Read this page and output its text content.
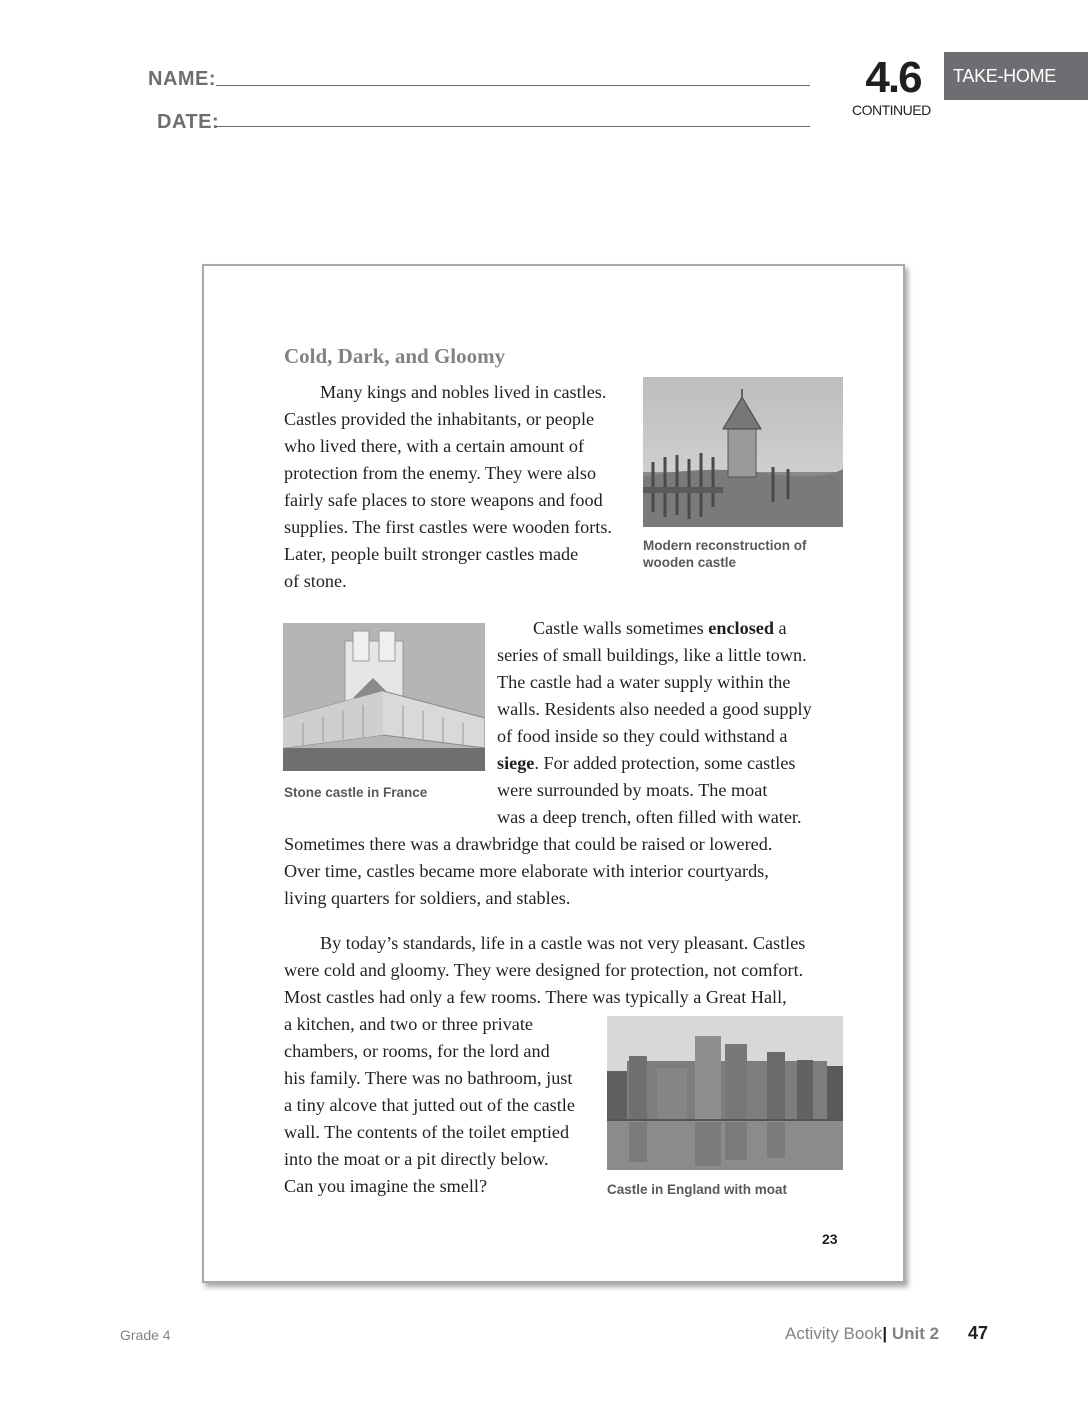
NAME:
DATE:
4.6
CONTINUED
TAKE-HOME
Cold, Dark, and Gloomy
Many kings and nobles lived in castles.
Castles provided the inhabitants, or people
who lived there, with a certain amount of
protection from the enemy. They were also
fairly safe places to store weapons and food
supplies. The first castles were wooden forts.
Later, people built stronger castles made
of stone.
Modern reconstruction of
wooden castle
Stone castle in France
Castle walls sometimes enclosed a
series of small buildings, like a little town.
The castle had a water supply within the
walls. Residents also needed a good supply
of food inside so they could withstand a
siege. For added protection, some castles
were surrounded by moats. The moat
was a deep trench, often filled with water.
Sometimes there was a drawbridge that could be raised or lowered.
Over time, castles became more elaborate with interior courtyards,
living quarters for soldiers, and stables.
By today’s standards, life in a castle was not very pleasant. Castles
were cold and gloomy. They were designed for protection, not comfort.
Most castles had only a few rooms. There was typically a Great Hall,
a kitchen, and two or three private
chambers, or rooms, for the lord and
his family. There was no bathroom, just
a tiny alcove that jutted out of the castle
wall. The contents of the toilet emptied
into the moat or a pit directly below.
Can you imagine the smell?	Castle in England with moat
23
Grade 4	Activity Book| Unit 2 47
